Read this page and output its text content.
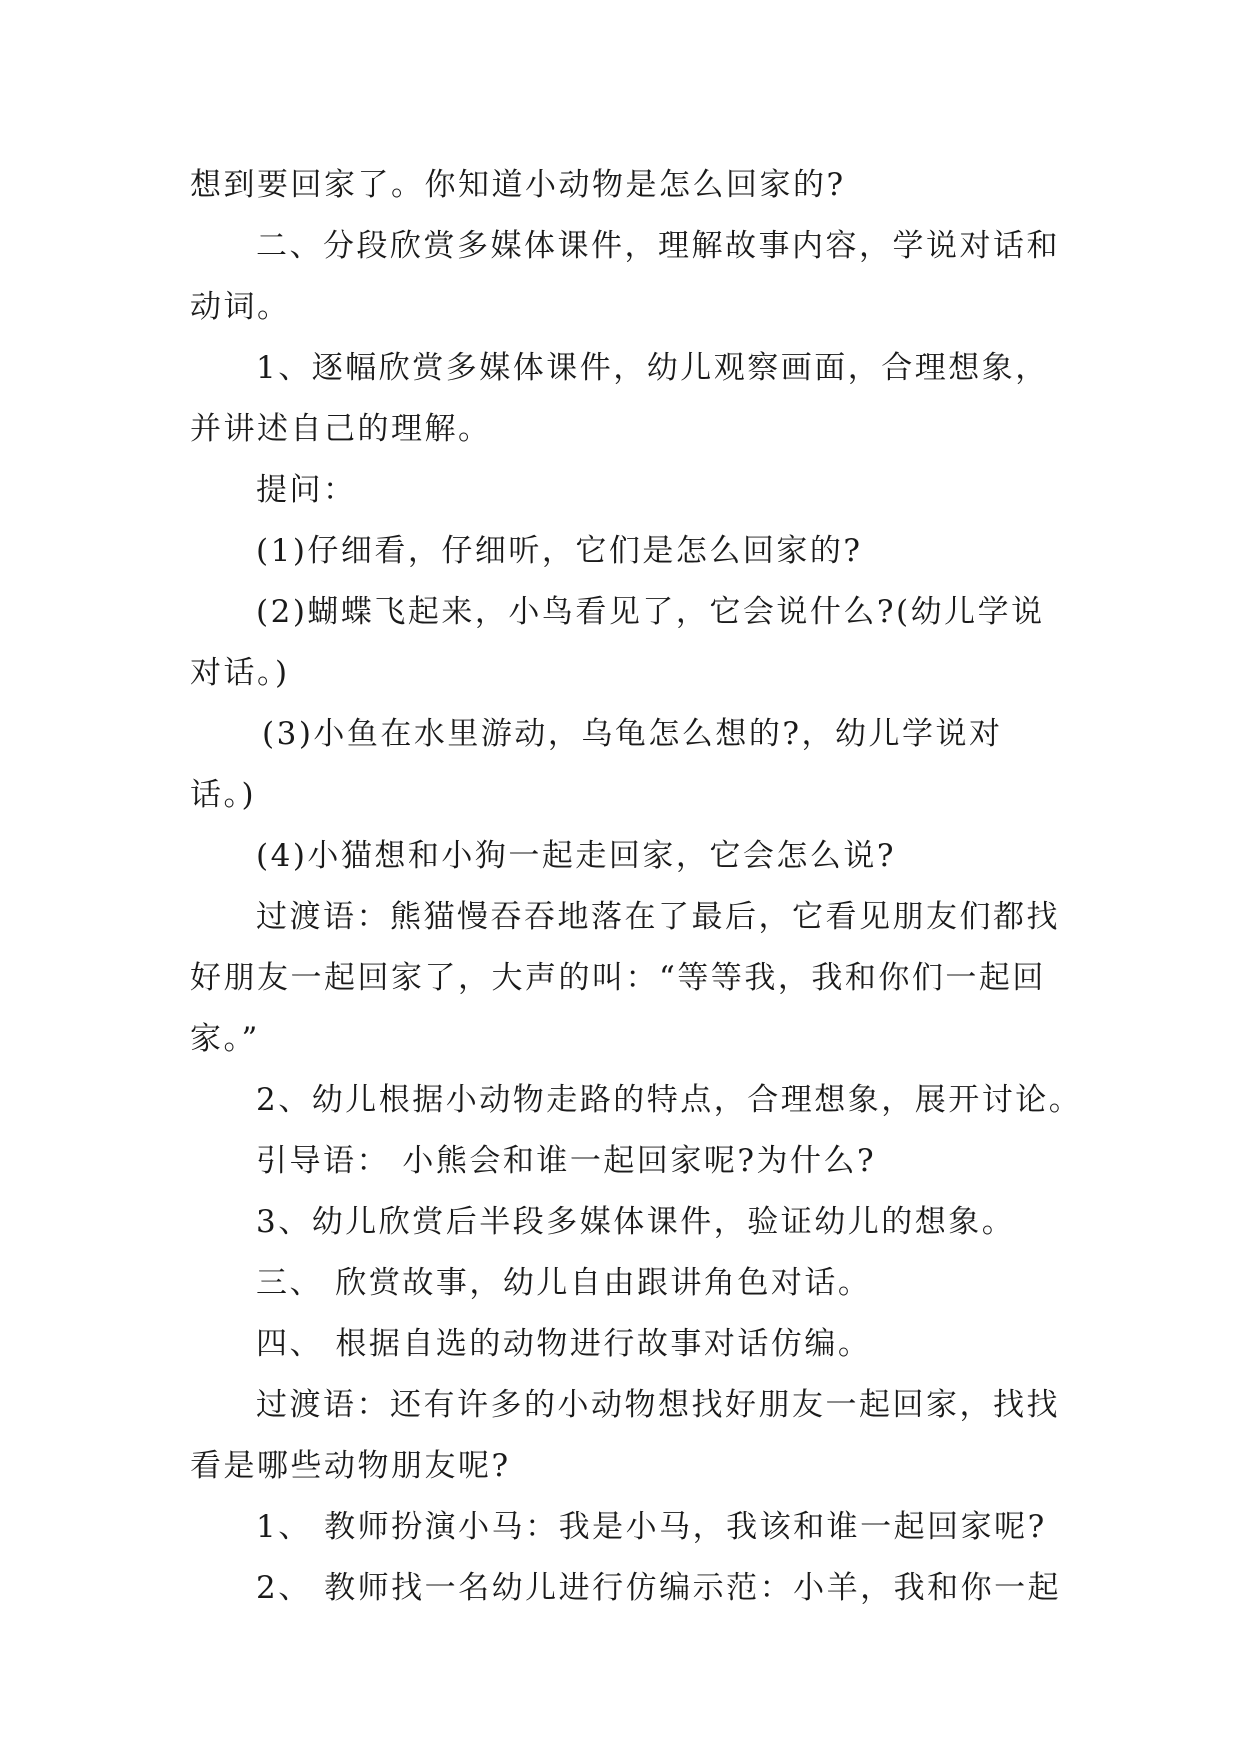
想到要回家了。你知道小动物是怎么回家的?
二、分段欣赏多媒体课件，理解故事内容，学说对话和
动词。
1、逐幅欣赏多媒体课件，幼儿观察画面，合理想象，
并讲述自己的理解。
提问：
(1)仔细看，仔细听，它们是怎么回家的?
(2)蝴蝶飞起来，小鸟看见了，它会说什么?(幼儿学说
对话。)
(3)小鱼在水里游动，乌龟怎么想的?，幼儿学说对
话。)
(4)小猫想和小狗一起走回家，它会怎么说?
过渡语：熊猫慢吞吞地落在了最后，它看见朋友们都找
好朋友一起回家了，大声的叫：“等等我，我和你们一起回
家。”
2、幼儿根据小动物走路的特点，合理想象，展开讨论。
引导语： 小熊会和谁一起回家呢?为什么?
3、幼儿欣赏后半段多媒体课件，验证幼儿的想象。
三、 欣赏故事，幼儿自由跟讲角色对话。
四、 根据自选的动物进行故事对话仿编。
过渡语：还有许多的小动物想找好朋友一起回家，找找
看是哪些动物朋友呢?
1、 教师扮演小马：我是小马，我该和谁一起回家呢?
2、 教师找一名幼儿进行仿编示范：小羊，我和你一起
